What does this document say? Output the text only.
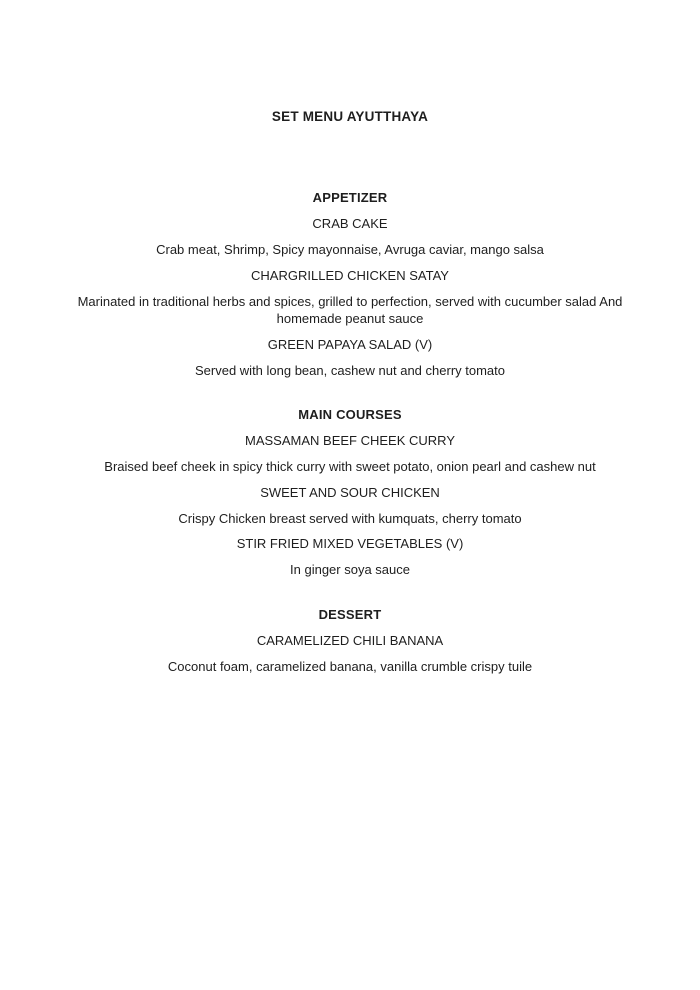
SET MENU AYUTTHAYA
APPETIZER

CRAB CAKE

Crab meat, Shrimp, Spicy mayonnaise, Avruga caviar, mango salsa

CHARGRILLED CHICKEN SATAY

Marinated in traditional herbs and spices, grilled to perfection, served with cucumber salad And homemade peanut sauce

GREEN PAPAYA SALAD (V)

Served with long bean, cashew nut and cherry tomato

MAIN COURSES

MASSAMAN BEEF CHEEK CURRY

Braised beef cheek in spicy thick curry with sweet potato, onion pearl and cashew nut

SWEET AND SOUR CHICKEN

Crispy Chicken breast served with kumquats, cherry tomato

STIR FRIED MIXED VEGETABLES (V)

In ginger soya sauce

DESSERT

CARAMELIZED CHILI BANANA

Coconut foam, caramelized banana, vanilla crumble crispy tuile
